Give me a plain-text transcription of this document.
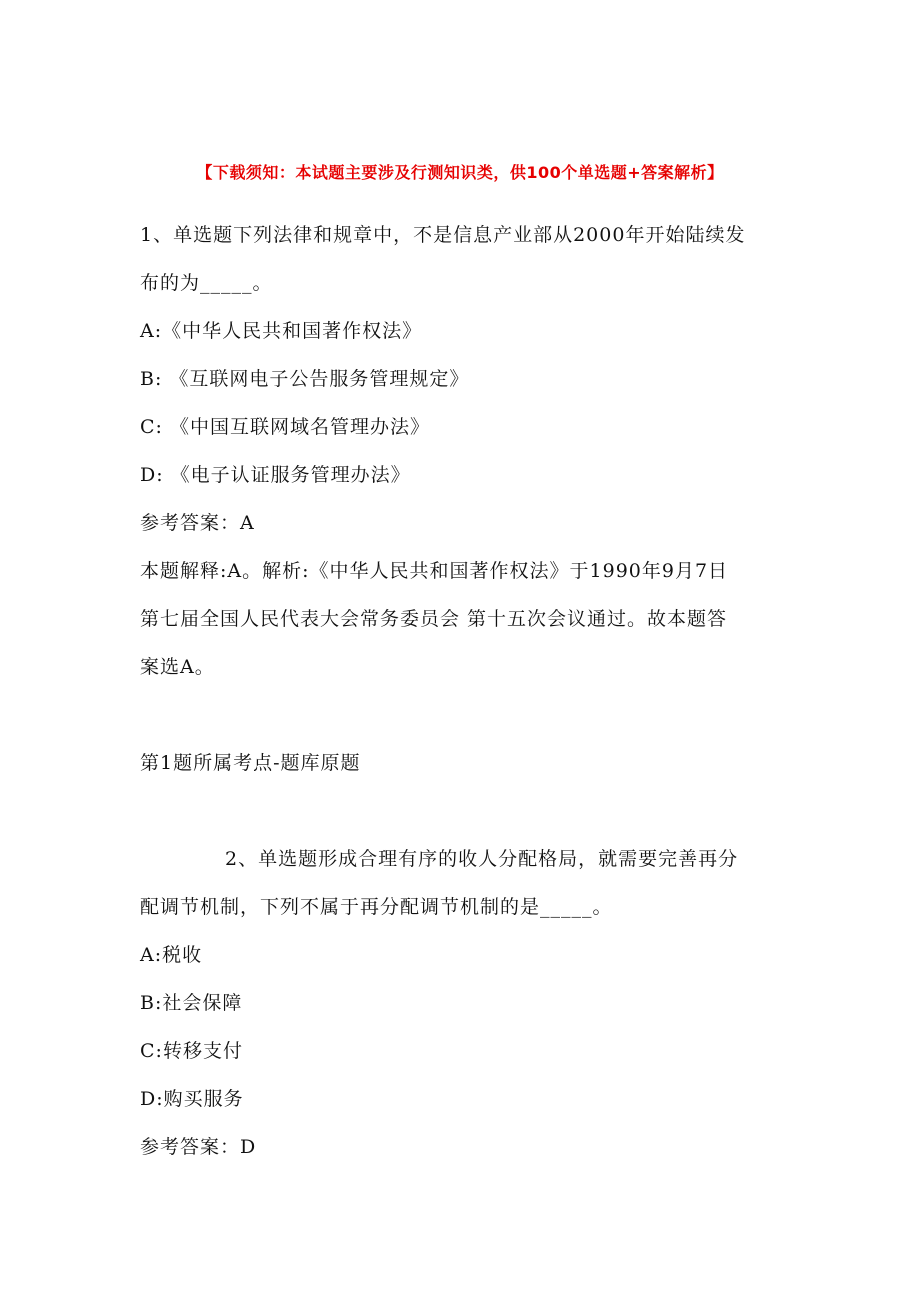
【下载须知：本试题主要涉及行测知识类，供100个单选题+答案解析】
1、单选题下列法律和规章中，不是信息产业部从2000年开始陆续发
布的为_____。
A:《中华人民共和国著作权法》
B: 《互联网电子公告服务管理规定》
C: 《中国互联网域名管理办法》
D: 《电子认证服务管理办法》
参考答案：A
本题解释:A。解析:《中华人民共和国著作权法》于1990年9月7日
第七届全国人民代表大会常务委员会 第十五次会议通过。故本题答
案选A。
第1题所属考点-题库原题
2、单选题形成合理有序的收人分配格局，就需要完善再分
配调节机制，下列不属于再分配调节机制的是_____。
A:税收
B:社会保障
C:转移支付
D:购买服务
参考答案：D
